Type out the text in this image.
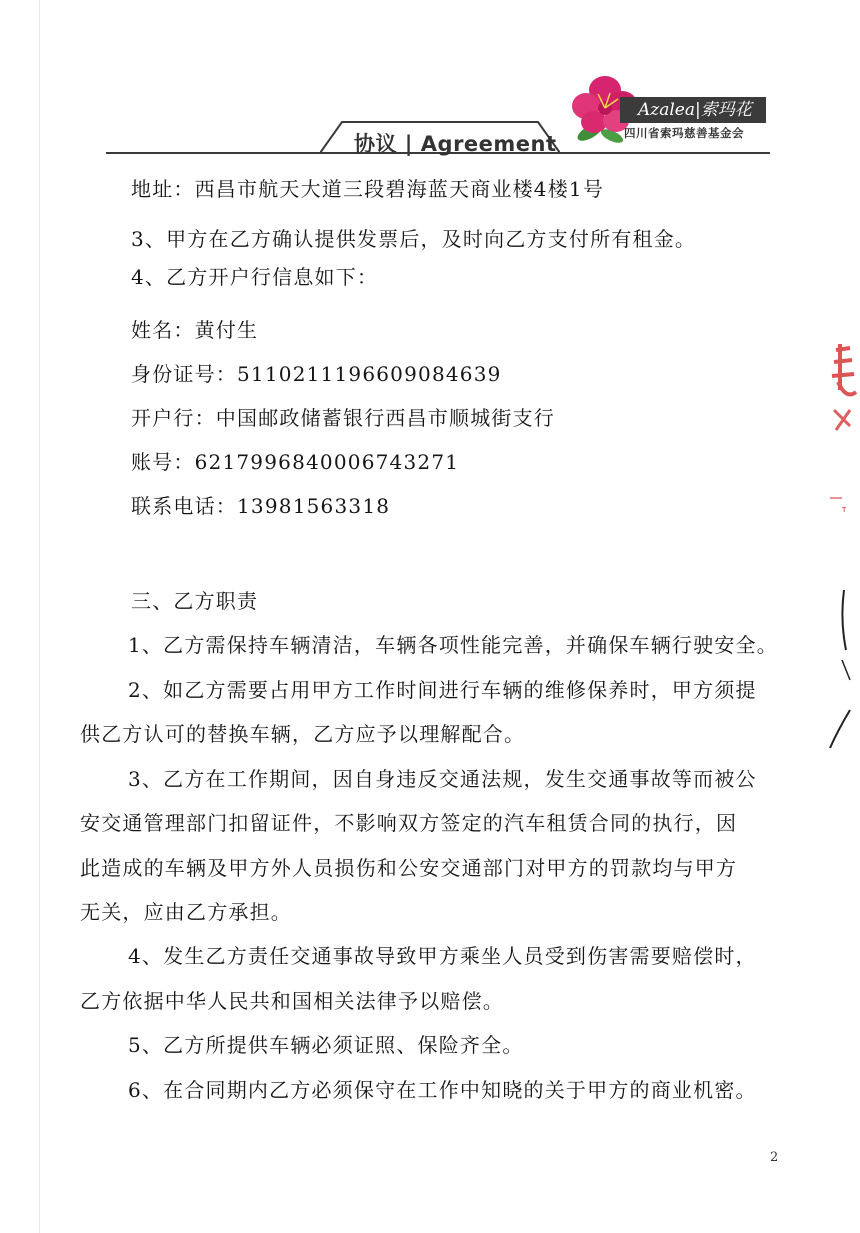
协议 | Agreement
Azalea|索玛花
四川省索玛慈善基金会
地址：西昌市航天大道三段碧海蓝天商业楼4楼1号
3、甲方在乙方确认提供发票后，及时向乙方支付所有租金。
4、乙方开户行信息如下：
姓名：黄付生
身份证号：511021119660908463​9
开户行：中国邮政储蓄银行西昌市顺城街支行
账号：6217996840006743271
联系电话：13981563318
三、乙方职责
1、乙方需保持车辆清洁，车辆各项性能完善，并确保车辆行驶安全。
2、如乙方需要占用甲方工作时间进行车辆的维修保养时，甲方须提
供乙方认可的替换车辆，乙方应予以理解配合。
3、乙方在工作期间，因自身违反交通法规，发生交通事故等而被公
安交通管理部门扣留证件，不影响双方签定的汽车租赁合同的执行，因
此造成的车辆及甲方外人员损伤和公安交通部门对甲方的罚款均与甲方
无关，应由乙方承担。
4、发生乙方责任交通事故导致甲方乘坐人员受到伤害需要赔偿时，
乙方依据中华人民共和国相关法律予以赔偿。
5、乙方所提供车辆必须证照、保险齐全。
6、在合同期内乙方必须保守在工作中知晓的关于甲方的商业机密。
T
2
